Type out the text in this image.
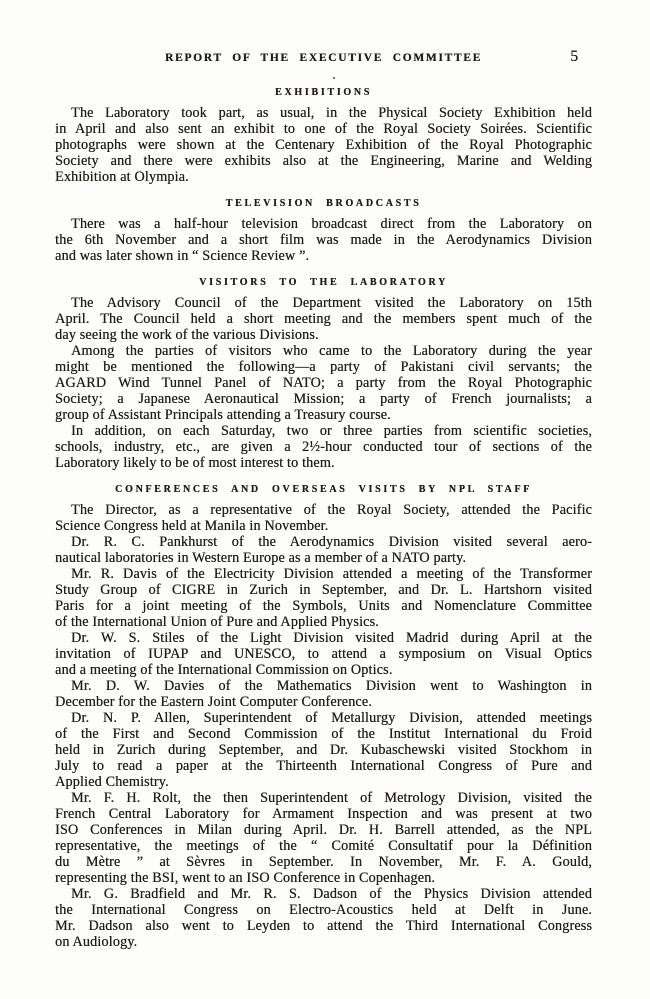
REPORT OF THE EXECUTIVE COMMITTEE	5
EXHIBITIONS
The Laboratory took part, as usual, in the Physical Society Exhibition held
in April and also sent an exhibit to one of the Royal Society Soirées. Scientific
photographs were shown at the Centenary Exhibition of the Royal Photographic
Society and there were exhibits also at the Engineering, Marine and Welding
Exhibition at Olympia.
TELEVISION BROADCASTS
There was a half-hour television broadcast direct from the Laboratory on
the 6th November and a short film was made in the Aerodynamics Division
and was later shown in “ Science Review ”.
VISITORS TO THE LABORATORY
The Advisory Council of the Department visited the Laboratory on 15th
April. The Council held a short meeting and the members spent much of the
day seeing the work of the various Divisions.
Among the parties of visitors who came to the Laboratory during the year
might be mentioned the following—a party of Pakistani civil servants; the
AGARD Wind Tunnel Panel of NATO; a party from the Royal Photographic
Society; a Japanese Aeronautical Mission; a party of French journalists; a
group of Assistant Principals attending a Treasury course.
In addition, on each Saturday, two or three parties from scientific societies,
schools, industry, etc., are given a 2½-hour conducted tour of sections of the
Laboratory likely to be of most interest to them.
CONFERENCES AND OVERSEAS VISITS BY NPL STAFF
The Director, as a representative of the Royal Society, attended the Pacific
Science Congress held at Manila in November.
Dr. R. C. Pankhurst of the Aerodynamics Division visited several aero-
nautical laboratories in Western Europe as a member of a NATO party.
Mr. R. Davis of the Electricity Division attended a meeting of the Transformer
Study Group of CIGRE in Zurich in September, and Dr. L. Hartshorn visited
Paris for a joint meeting of the Symbols, Units and Nomenclature Committee
of the International Union of Pure and Applied Physics.
Dr. W. S. Stiles of the Light Division visited Madrid during April at the
invitation of IUPAP and UNESCO, to attend a symposium on Visual Optics
and a meeting of the International Commission on Optics.
Mr. D. W. Davies of the Mathematics Division went to Washington in
December for the Eastern Joint Computer Conference.
Dr. N. P. Allen, Superintendent of Metallurgy Division, attended meetings
of the First and Second Commission of the Institut International du Froid
held in Zurich during September, and Dr. Kubaschewski visited Stockhom in
July to read a paper at the Thirteenth International Congress of Pure and
Applied Chemistry.
Mr. F. H. Rolt, the then Superintendent of Metrology Division, visited the
French Central Laboratory for Armament Inspection and was present at two
ISO Conferences in Milan during April. Dr. H. Barrell attended, as the NPL
representative, the meetings of the “ Comité Consultatif pour la Définition
du Mètre ” at Sèvres in September. In November, Mr. F. A. Gould,
representing the BSI, went to an ISO Conference in Copenhagen.
Mr. G. Bradfield and Mr. R. S. Dadson of the Physics Division attended
the International Congress on Electro-Acoustics held at Delft in June.
Mr. Dadson also went to Leyden to attend the Third International Congress
on Audiology.
